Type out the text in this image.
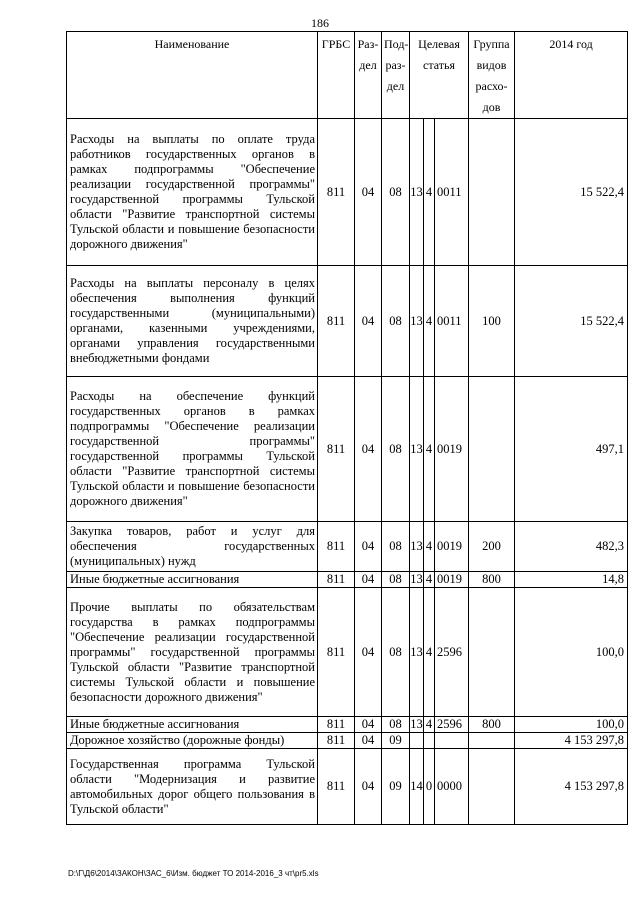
186
Наименование	ГРБС	Раз-дел	Под-раз-дел	Целевая статья			Группа видов расхо-дов	2014 год
Расходы на выплаты по оплате труда работников государственных органов в рамках подпрограммы "Обеспечение реализации государственной программы" государственной программы Тульской области "Развитие транспортной системы Тульской области и повышение безопасности дорожного движения"	811	04	08	13	4	0011		15 522,4
Расходы на выплаты персоналу в целях обеспечения выполнения функций государственными (муниципальными) органами, казенными учреждениями, органами управления государственными внебюджетными фондами	811	04	08	13	4	0011	100	15 522,4
Расходы на обеспечение функций государственных органов в рамках подпрограммы "Обеспечение реализации государственной программы" государственной программы Тульской области "Развитие транспортной системы Тульской области и повышение безопасности дорожного движения"	811	04	08	13	4	0019		497,1
Закупка товаров, работ и услуг для обеспечения государственных (муниципальных) нужд	811	04	08	13	4	0019	200	482,3
Иные бюджетные ассигнования	811	04	08	13	4	0019	800	14,8
Прочие выплаты по обязательствам государства в рамках подпрограммы "Обеспечение реализации государственной программы" государственной программы Тульской области "Развитие транспортной системы Тульской области и повышение безопасности дорожного движения"	811	04	08	13	4	2596		100,0
Иные бюджетные ассигнования	811	04	08	13	4	2596	800	100,0
Дорожное хозяйство (дорожные фонды)	811	04	09					4 153 297,8
Государственная программа Тульской области "Модернизация и развитие автомобильных дорог общего пользования в Тульской области"	811	04	09	14	0	0000		4 153 297,8
D:\Г\Д6\2014\ЗАКОН\ЗАС_6\Изм. бюджет ТО 2014-2016_3 чт\pr5.xls
